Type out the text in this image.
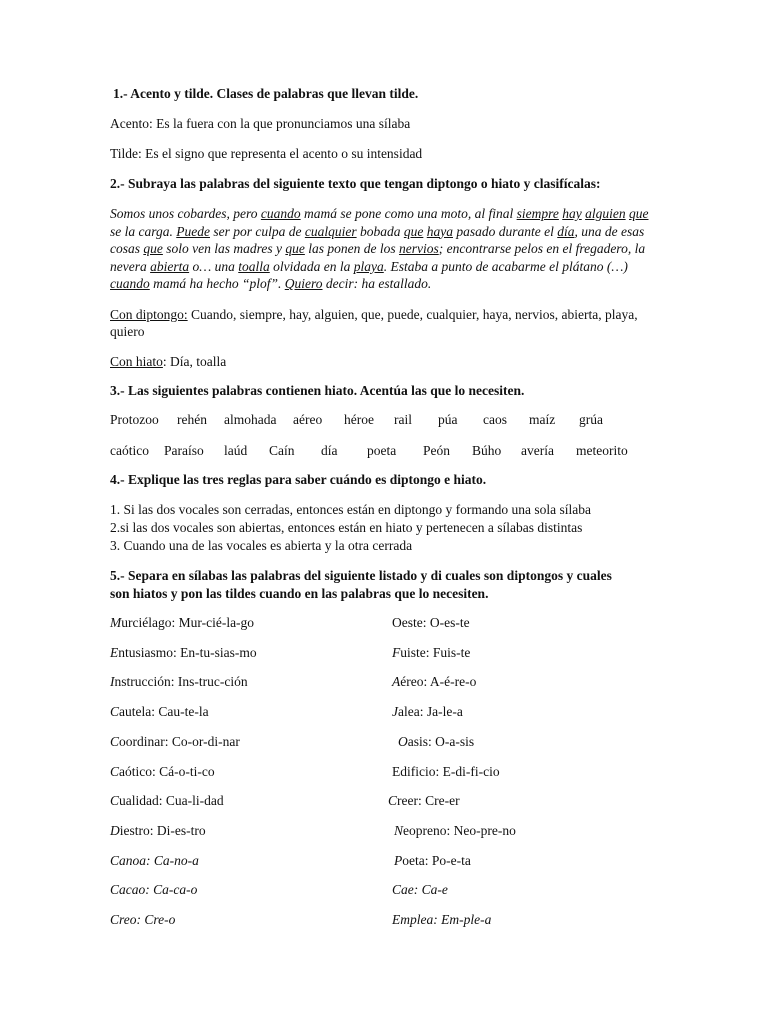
1.- Acento y tilde. Clases de palabras que llevan tilde.
Acento: Es la fuera con la que pronunciamos una sílaba
Tilde: Es el signo que representa el acento o su intensidad
2.- Subraya las palabras del siguiente texto que tengan diptongo o hiato y clasifícalas:
Somos unos cobardes, pero cuando mamá se pone como una moto, al final siempre hay alguien que se la carga. Puede ser por culpa de cualquier bobada que haya pasado durante el día, una de esas cosas que solo ven las madres y que las ponen de los nervios; encontrarse pelos en el fregadero, la nevera abierta o… una toalla olvidada en la playa. Estaba a punto de acabarme el plátano (…) cuando mamá ha hecho “plof”. Quiero decir: ha estallado.
Con diptongo: Cuando, siempre, hay, alguien, que, puede, cualquier, haya, nervios, abierta, playa, quiero
Con hiato: Día, toalla
3.- Las siguientes palabras contienen hiato. Acentúa las que lo necesiten.
Protozoo rehén almohada aéreo héroe rail púa caos maíz grúa
caótico Paraíso laúd Caín día poeta Peón Búho avería meteorito
4.- Explique las tres reglas para saber cuándo es diptongo e hiato.
1. Si las dos vocales son cerradas, entonces están en diptongo y formando una sola sílaba
2.si las dos vocales son abiertas, entonces están en hiato y pertenecen a sílabas distintas
3. Cuando una de las vocales es abierta y la otra cerrada
5.- Separa en sílabas las palabras del siguiente listado y di cuales son diptongos y cuales
son hiatos y pon las tildes cuando en las palabras que lo necesiten.
Murciélago: Mur-cié-la-go
Entusiasmo: En-tu-sias-mo
Instrucción: Ins-truc-ción
Cautela: Cau-te-la
Coordinar: Co-or-di-nar
Caótico: Cá-o-ti-co
Cualidad: Cua-li-dad
Diestro: Di-es-tro
Canoa: Ca-no-a
Cacao: Ca-ca-o
Creo: Cre-o
Oeste: O-es-te
Fuiste: Fuis-te
Aéreo: A-é-re-o
Jalea: Ja-le-a
Oasis: O-a-sis
Edificio: E-di-fi-cio
Creer: Cre-er
Neopreno: Neo-pre-no
Poeta: Po-e-ta
Cae: Ca-e
Emplea: Em-ple-a
